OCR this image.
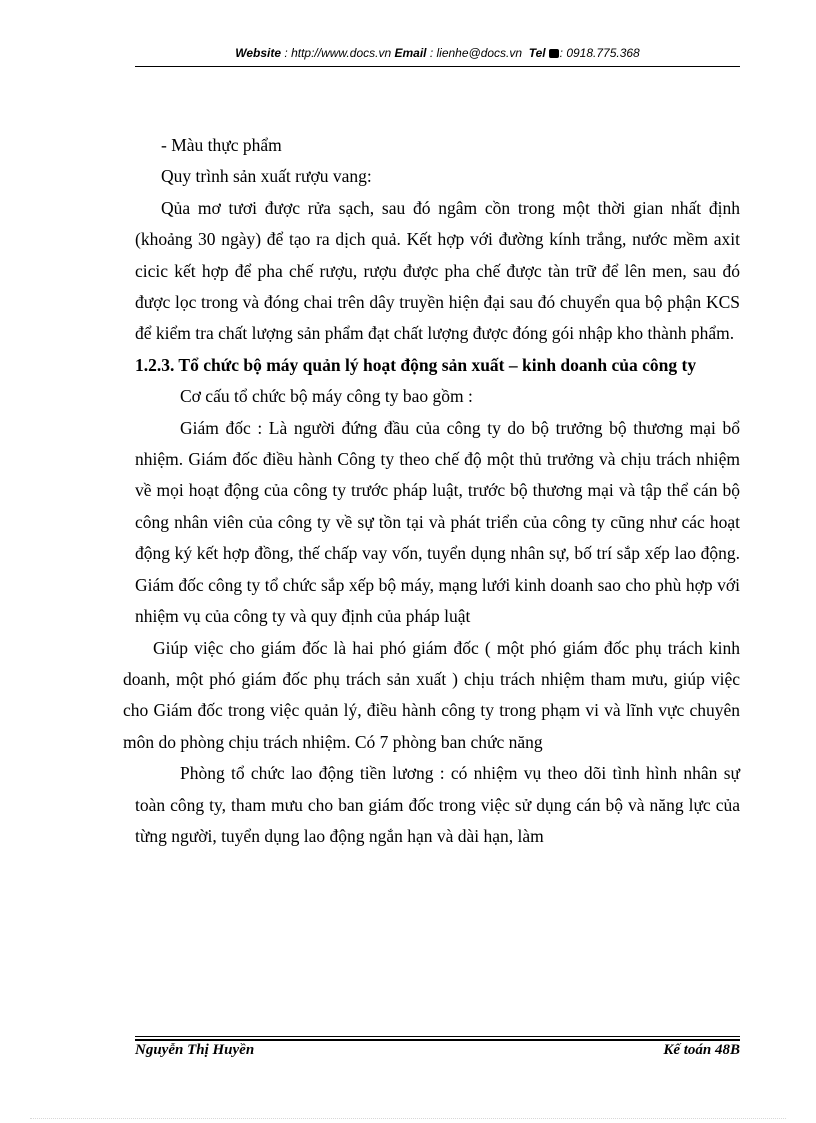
Website : http://www.docs.vn Email : lienhe@docs.vn Tel : 0918.775.368

- Màu thực phẩm

Quy trình sản xuất rượu vang:

Qủa mơ tươi được rửa sạch, sau đó ngâm cồn trong một thời gian nhất định (khoảng 30 ngày) để tạo ra dịch quả. Kết hợp với đường kính trắng, nước mềm axit cicic kết hợp để pha chế rượu, rượu được pha chế được tàn trữ để lên men, sau đó được lọc trong và đóng chai trên dây truyền hiện đại sau đó chuyển qua bộ phận KCS để kiểm tra chất lượng sản phẩm đạt chất lượng được đóng gói nhập kho thành phẩm.

1.2.3. Tổ chức bộ máy quản lý hoạt động sản xuất – kinh doanh của công ty

Cơ cấu tổ chức bộ máy công ty bao gồm :

Giám đốc : Là người đứng đầu của công ty do bộ trưởng bộ thương mại bổ nhiệm. Giám đốc điều hành Công ty theo chế độ một thủ trưởng và chịu trách nhiệm về mọi hoạt động của công ty trước pháp luật, trước bộ thương mại và tập thể cán bộ công nhân viên của công ty về sự tồn tại và phát triển của công ty cũng như các hoạt động ký kết hợp đồng, thế chấp vay vốn, tuyển dụng nhân sự, bố trí sắp xếp lao động. Giám đốc công ty tổ chức sắp xếp bộ máy, mạng lưới kinh doanh sao cho phù hợp với nhiệm vụ của công ty và quy định của pháp luật

Giúp việc cho giám đốc là hai phó giám đốc ( một phó giám đốc phụ trách kinh doanh, một phó giám đốc phụ trách sản xuất ) chịu trách nhiệm tham mưu, giúp việc cho Giám đốc trong việc quản lý, điều hành công ty trong phạm vi và lĩnh vực chuyên môn do phòng chịu trách nhiệm. Có 7 phòng ban chức năng

Phòng tổ chức lao động tiền lương : có nhiệm vụ theo dõi tình hình nhân sự toàn công ty, tham mưu cho ban giám đốc trong việc sử dụng cán bộ và năng lực của từng người, tuyển dụng lao động ngắn hạn và dài hạn, làm

Nguyễn Thị Huyền	Kế toán 48B
